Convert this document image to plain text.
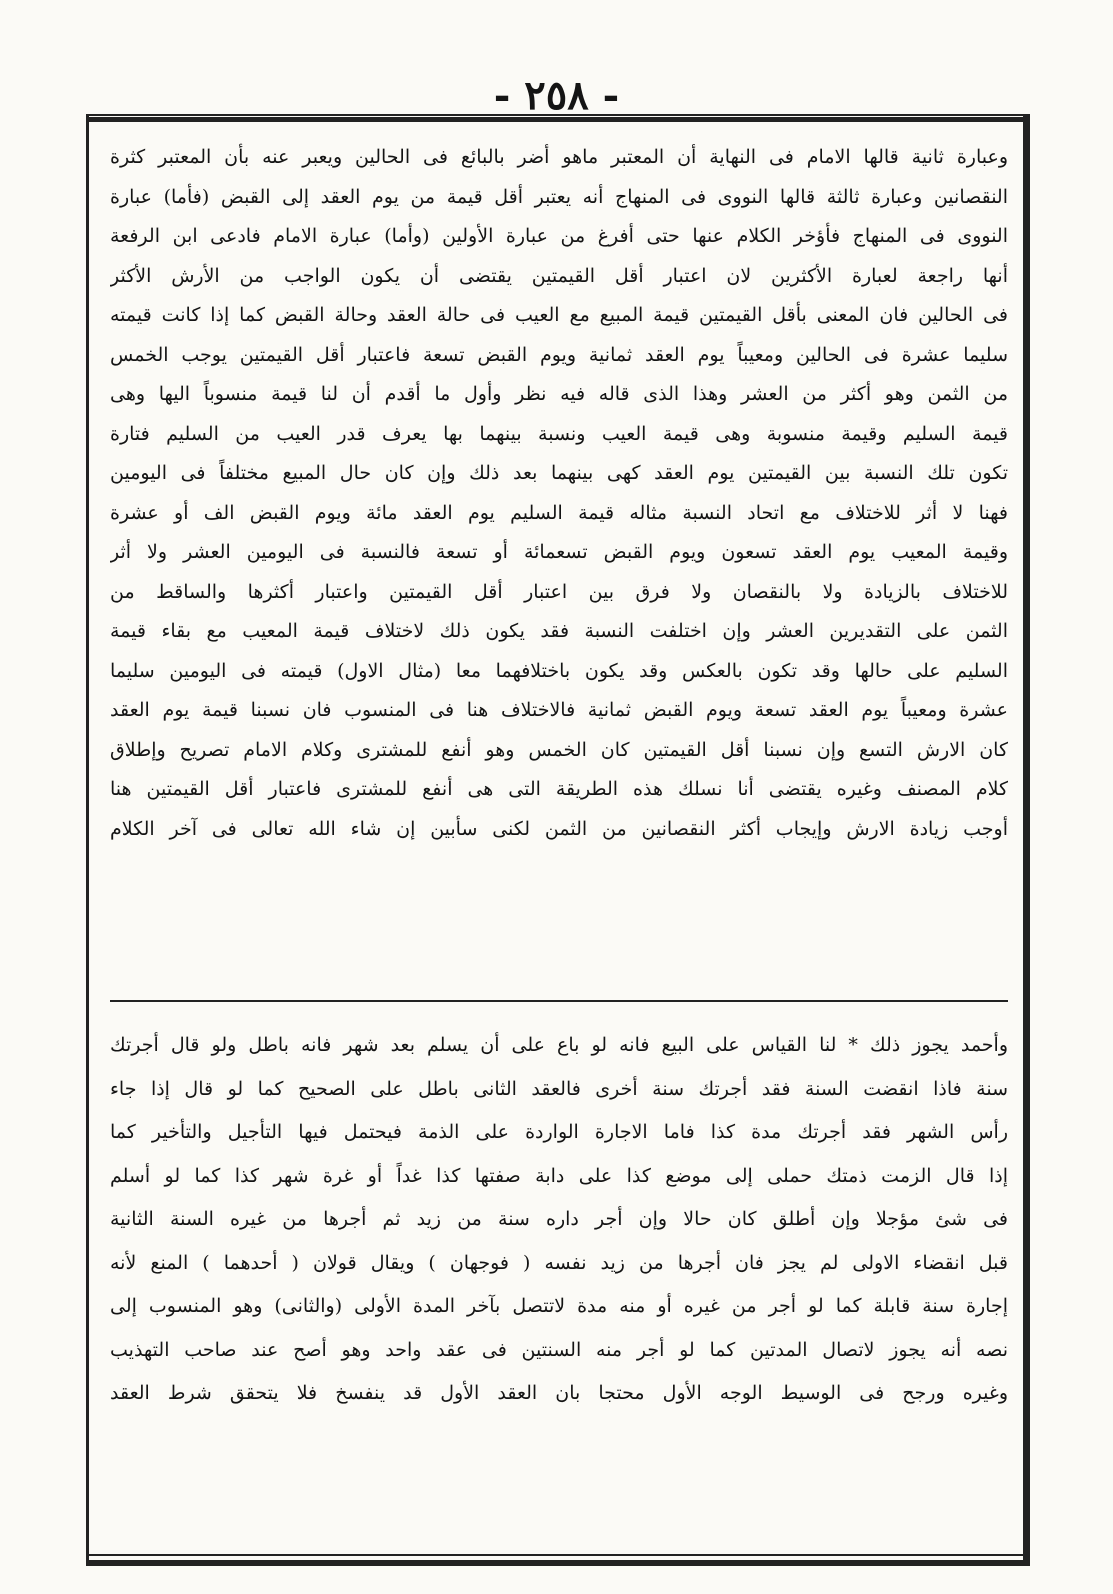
- ٢٥٨ -

وعبارة ثانية قالها الامام فى النهاية أن المعتبر ماهو أضر بالبائع فى الحالين ويعبر عنه بأن المعتبر كثرة

النقصانين وعبارة ثالثة قالها النووى فى المنهاج أنه يعتبر أقل قيمة من يوم العقد إلى القبض (فأما) عبارة

النووى فى المنهاج فأؤخر الكلام عنها حتى أفرغ من عبارة الأولين (وأما) عبارة الامام فادعى ابن الرفعة

أنها راجعة لعبارة الأكثرين لان اعتبار أقل القيمتين يقتضى أن يكون الواجب من الأرش الأكثر

فى الحالين فان المعنى بأقل القيمتين قيمة المبيع مع العيب فى حالة العقد وحالة القبض كما إذا كانت قيمته

سليما عشرة فى الحالين ومعيباً يوم العقد ثمانية ويوم القبض تسعة فاعتبار أقل القيمتين يوجب الخمس

من الثمن وهو أكثر من العشر وهذا الذى قاله فيه نظر وأول ما أقدم أن لنا قيمة منسوباً اليها وهى

قيمة السليم وقيمة منسوبة وهى قيمة العيب ونسبة بينهما بها يعرف قدر العيب من السليم فتارة

تكون تلك النسبة بين القيمتين يوم العقد كهى بينهما بعد ذلك وإن كان حال المبيع مختلفاً فى اليومين

فهنا لا أثر للاختلاف مع اتحاد النسبة مثاله قيمة السليم يوم العقد مائة ويوم القبض الف أو عشرة

وقيمة المعيب يوم العقد تسعون ويوم القبض تسعمائة أو تسعة فالنسبة فى اليومين العشر ولا أثر

للاختلاف بالزيادة ولا بالنقصان ولا فرق بين اعتبار أقل القيمتين واعتبار أكثرها والساقط من

الثمن على التقديرين العشر وإن اختلفت النسبة فقد يكون ذلك لاختلاف قيمة المعيب مع بقاء قيمة

السليم على حالها وقد تكون بالعكس وقد يكون باختلافهما معا (مثال الاول) قيمته فى اليومين سليما

عشرة ومعيباً يوم العقد تسعة ويوم القبض ثمانية فالاختلاف هنا فى المنسوب فان نسبنا قيمة يوم العقد

كان الارش التسع وإن نسبنا أقل القيمتين كان الخمس وهو أنفع للمشترى وكلام الامام تصريح وإطلاق

كلام المصنف وغيره يقتضى أنا نسلك هذه الطريقة التى هى أنفع للمشترى فاعتبار أقل القيمتين هنا

أوجب زيادة الارش وإيجاب أكثر النقصانين من الثمن لكنى سأبين إن شاء الله تعالى فى آخر الكلام

وأحمد يجوز ذلك * لنا القياس على البيع فانه لو باع على أن يسلم بعد شهر فانه باطل ولو قال أجرتك

سنة فاذا انقضت السنة فقد أجرتك سنة أخرى فالعقد الثانى باطل على الصحيح كما لو قال إذا جاء

رأس الشهر فقد أجرتك مدة كذا فاما الاجارة الواردة على الذمة فيحتمل فيها التأجيل والتأخير كما

إذا قال الزمت ذمتك حملى إلى موضع كذا على دابة صفتها كذا غداً أو غرة شهر كذا كما لو أسلم

فى شئ مؤجلا وإن أطلق كان حالا وإن أجر داره سنة من زيد ثم أجرها من غيره السنة الثانية

قبل انقضاء الاولى لم يجز فان أجرها من زيد نفسه ( فوجهان ) ويقال قولان ( أحدهما ) المنع لأنه

إجارة سنة قابلة كما لو أجر من غيره أو منه مدة لاتتصل بآخر المدة الأولى (والثانى) وهو المنسوب إلى

نصه أنه يجوز لاتصال المدتين كما لو أجر منه السنتين فى عقد واحد وهو أصح عند صاحب التهذيب

وغيره ورجح فى الوسيط الوجه الأول محتجا بان العقد الأول قد ينفسخ فلا يتحقق شرط العقد
